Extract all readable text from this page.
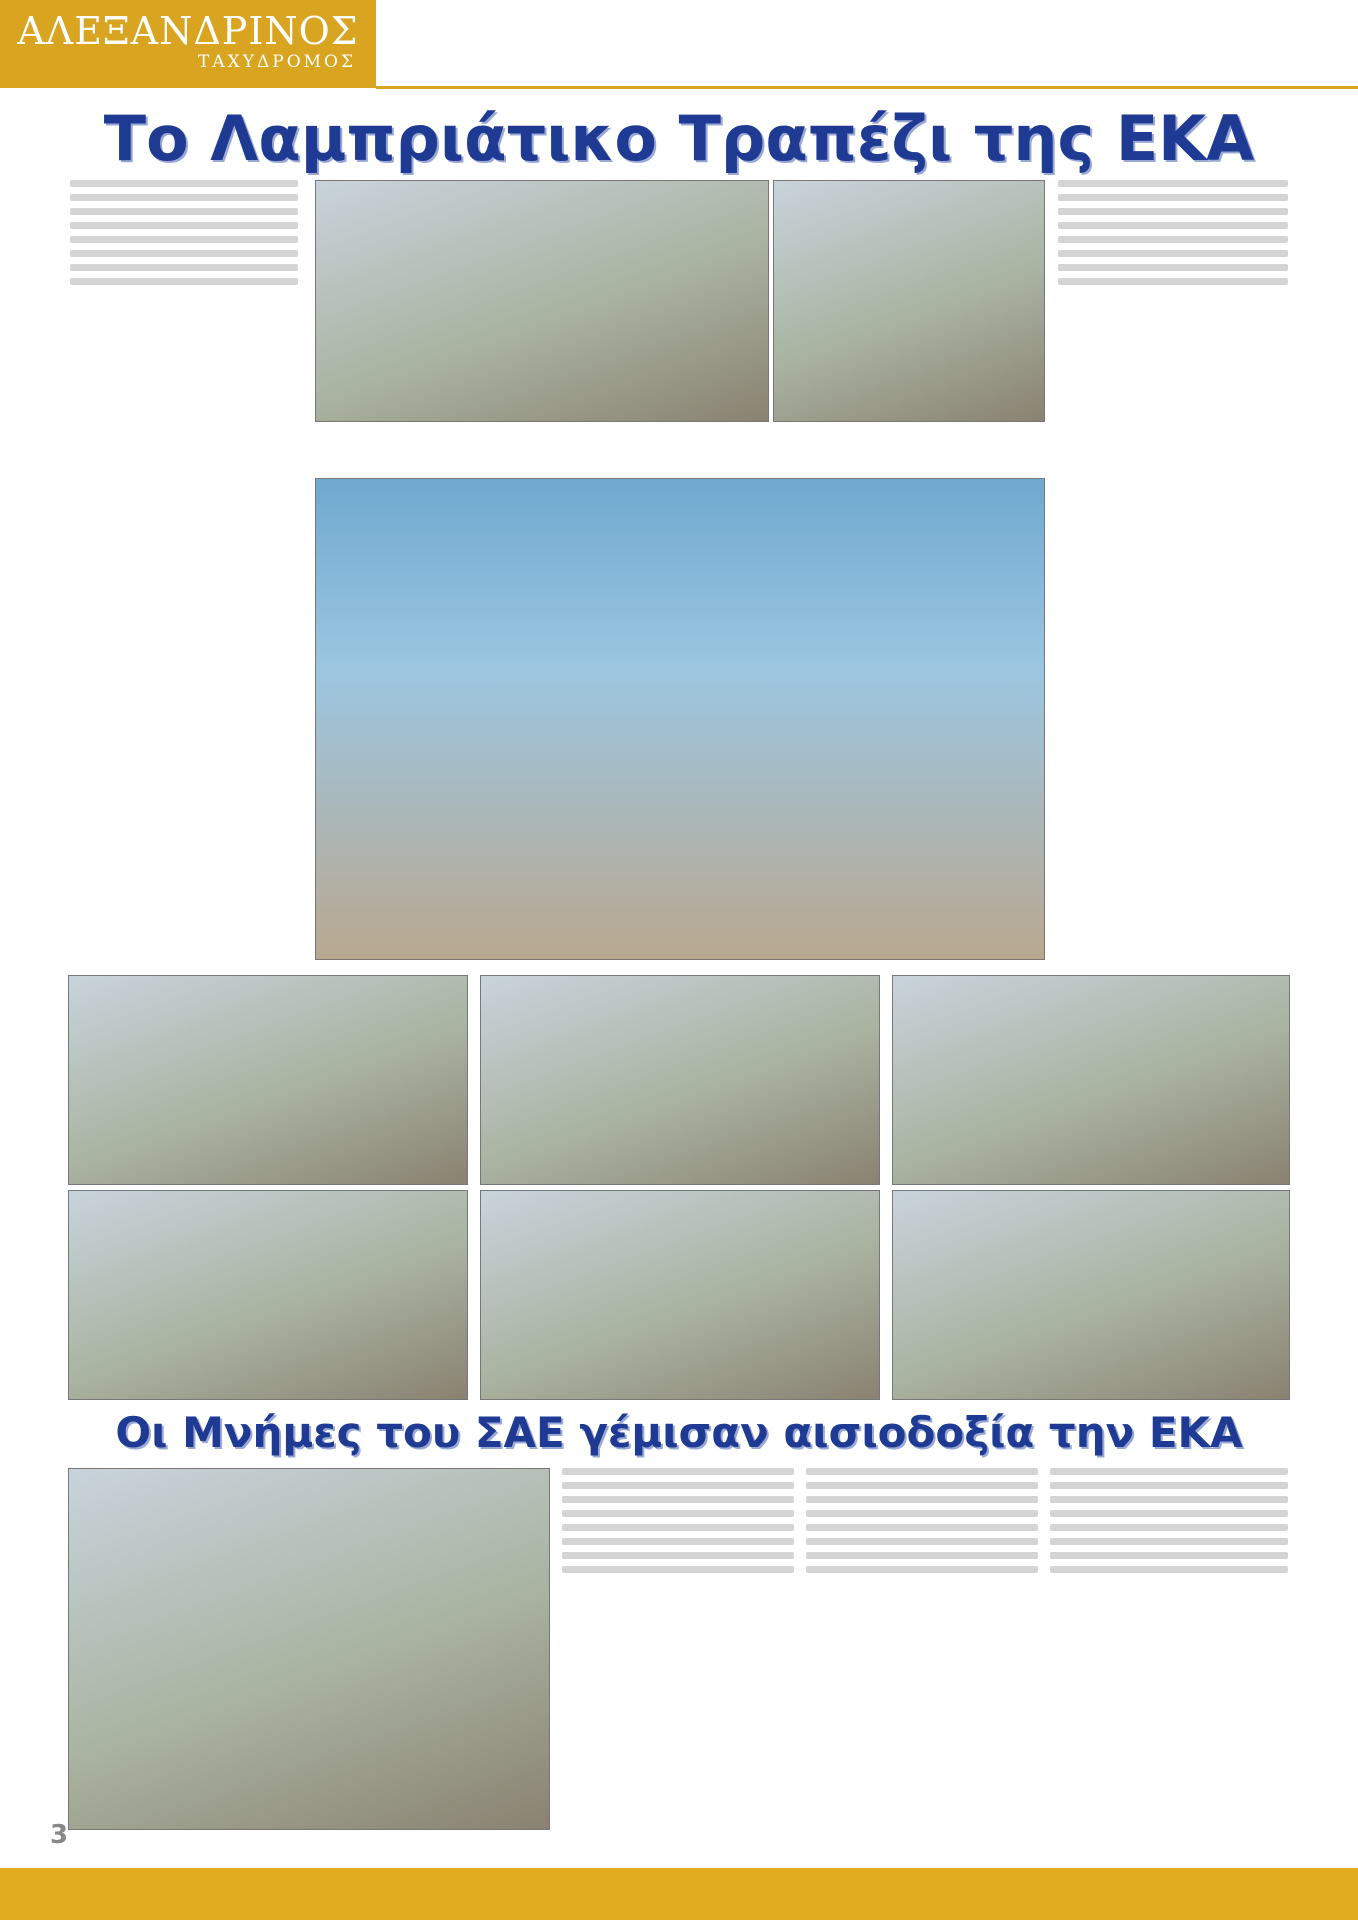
ΑΛΕΞΑΝΔΡΙΝΟΣ
ΤΑΧΥΔΡΟΜΟΣ
Το Λαμπριάτικο Τραπέζι της ΕΚΑ
Οι Μνήμες του ΣΑΕ γέμισαν αισιοδοξία την ΕΚΑ
3
